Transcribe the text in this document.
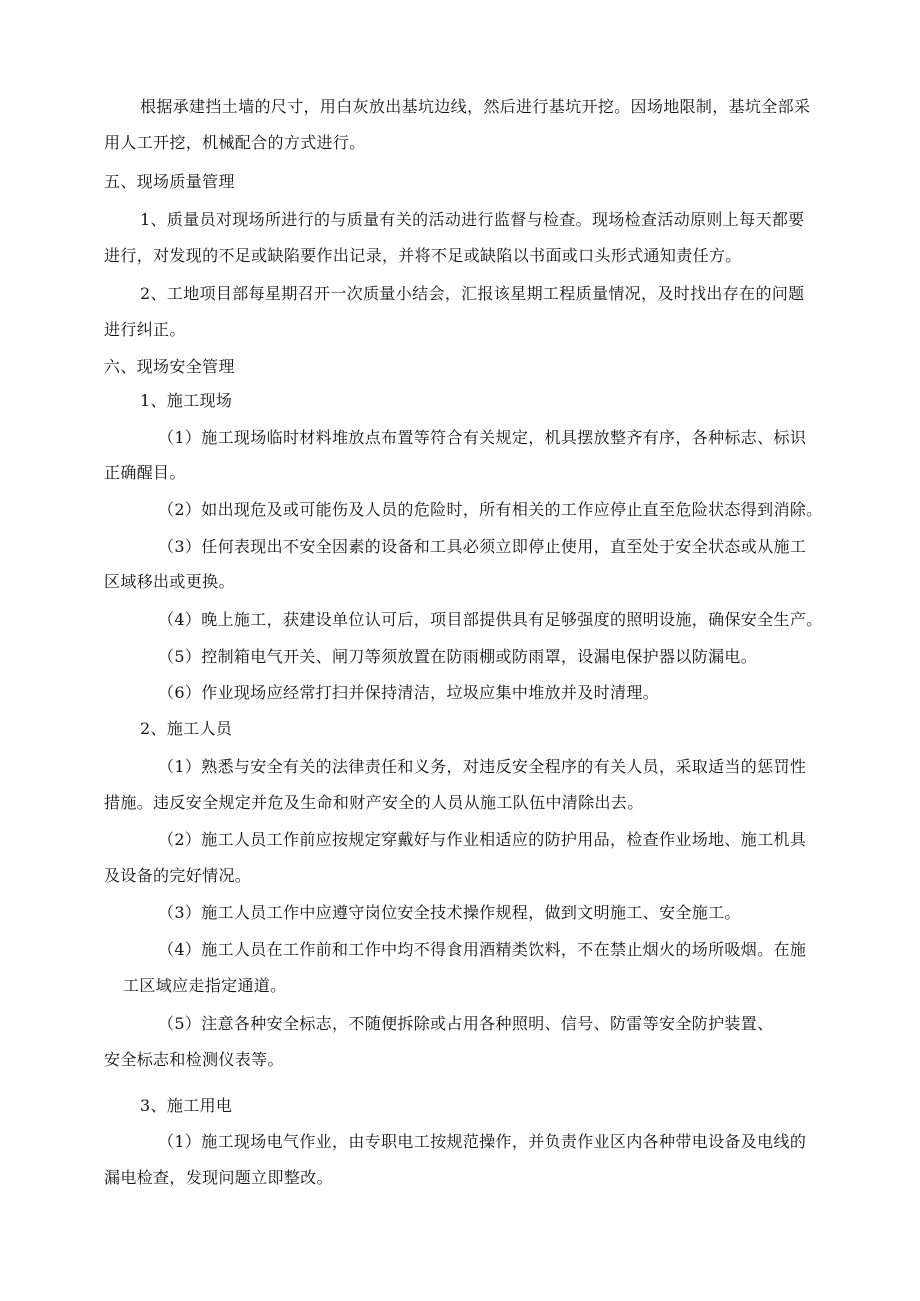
根据承建挡土墙的尺寸，用白灰放出基坑边线，然后进行基坑开挖。因场地限制，基坑全部采
用人工开挖，机械配合的方式进行。
五、现场质量管理
1、质量员对现场所进行的与质量有关的活动进行监督与检查。现场检查活动原则上每天都要
进行，对发现的不足或缺陷要作出记录，并将不足或缺陷以书面或口头形式通知责任方。
2、工地项目部每星期召开一次质量小结会，汇报该星期工程质量情况，及时找出存在的问题
进行纠正。
六、现场安全管理
1、施工现场
（1）施工现场临时材料堆放点布置等符合有关规定，机具摆放整齐有序，各种标志、标识
正确醒目。
（2）如出现危及或可能伤及人员的危险时，所有相关的工作应停止直至危险状态得到消除。
（3）任何表现出不安全因素的设备和工具必须立即停止使用，直至处于安全状态或从施工
区域移出或更换。
（4）晚上施工，获建设单位认可后，项目部提供具有足够强度的照明设施，确保安全生产。
（5）控制箱电气开关、闸刀等须放置在防雨棚或防雨罩，设漏电保护器以防漏电。
（6）作业现场应经常打扫并保持清洁，垃圾应集中堆放并及时清理。
2、施工人员
（1）熟悉与安全有关的法律责任和义务，对违反安全程序的有关人员，采取适当的惩罚性
措施。违反安全规定并危及生命和财产安全的人员从施工队伍中清除出去。
（2）施工人员工作前应按规定穿戴好与作业相适应的防护用品，检查作业场地、施工机具
及设备的完好情况。
（3）施工人员工作中应遵守岗位安全技术操作规程，做到文明施工、安全施工。
（4）施工人员在工作前和工作中均不得食用酒精类饮料，不在禁止烟火的场所吸烟。在施
工区域应走指定通道。
（5）注意各种安全标志，不随便拆除或占用各种照明、信号、防雷等安全防护装置、
安全标志和检测仪表等。
3、施工用电
（1）施工现场电气作业，由专职电工按规范操作，并负责作业区内各种带电设备及电线的
漏电检查，发现问题立即整改。
